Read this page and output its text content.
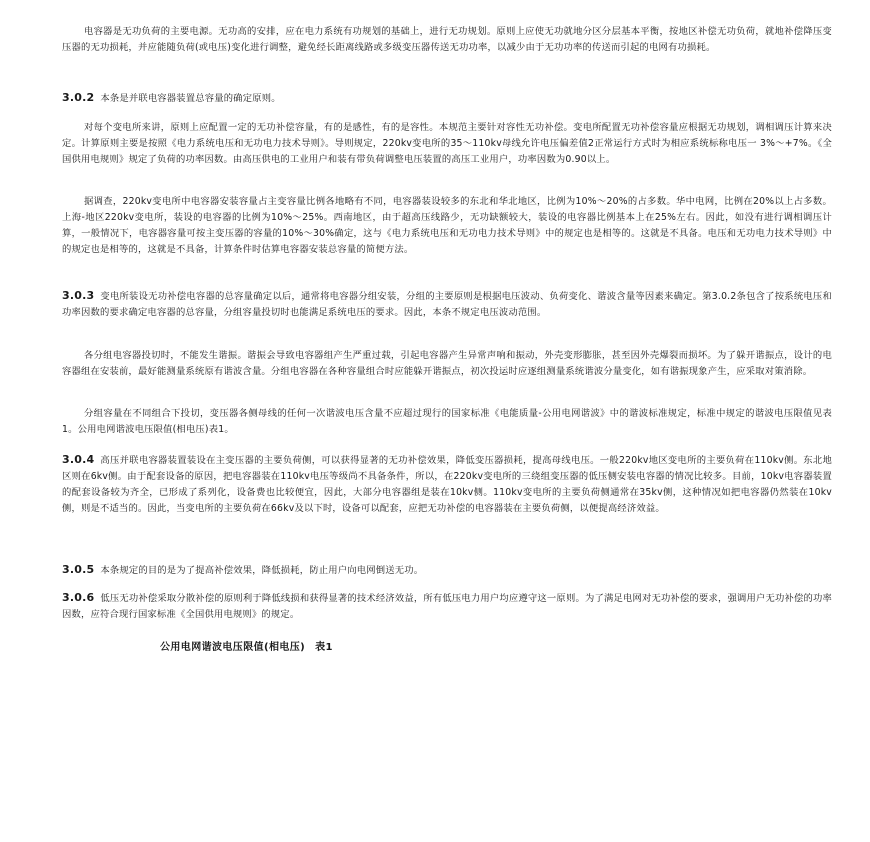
电容器是无功负荷的主要电源。无功高的安排，应在电力系统有功规划的基础上，进行无功规划。原则上应使无功就地分区分层基本平衡，按地区补偿无功负荷，就地补偿降压变压器的无功损耗，并应能随负荷(或电压)变化进行调整，避免经长距离线路或多级变压器传送无功功率，以减少由于无功功率的传送而引起的电网有功损耗。

3.0.2 本条是并联电容器装置总容量的确定原则。

对每个变电所来讲，原则上应配置一定的无功补偿容量，有的是感性，有的是容性。本规范主要针对容性无功补偿。变电所配置无功补偿容量应根据无功规划，调相调压计算来决定。计算原则主要是按照《电力系统电压和无功电力技术导则》。导则规定，220kv变电所的35～110kv母线允许电压偏差值2正常运行方式时为相应系统标称电压一 3%～+7%。《全国供用电规则》规定了负荷的功率因数。由高压供电的工业用户和装有带负荷调整电压装置的高压工业用户，功率因数为0.90以上。

据调查，220kv变电所中电容器安装容量占主变容量比例各地略有不同，电容器装设较多的东北和华北地区，比例为10%～20%的占多数。华中电网，比例在20%以上占多数。上海-地区220kv变电所，装设的电容器的比例为10%～25%。西南地区，由于超高压线路少，无功缺额较大，装设的电容器比例基本上在25%左右。因此，如没有进行调相调压计算，一般情况下，电容器容量可按主变压器的容量的10%～30%确定，这与《电力系统电压和无功电力技术导则》中的规定也是相等的。这就是不具备。电压和无功电力技术导则》中的规定也是相等的，这就是不具备，计算条件时估算电容器安装总容量的简便方法。

3.0.3 变电所装设无功补偿电容器的总容量确定以后，通常将电容器分组安装，分组的主要原则是根据电压波动、负荷变化、谐波含量等因素来确定。第3.0.2条包含了按系统电压和功率因数的要求确定电容器的总容量，分组容量投切时也能满足系统电压的要求。因此，本条不规定电压波动范围。

各分组电容器投切时，不能发生谐振。谐振会导致电容器组产生严重过载，引起电容器产生异常声响和振动，外壳变形膨胀，甚至因外壳爆裂而损坏。为了躲开谐振点，设计的电容器组在安装前，最好能测量系统原有谐波含量。分组电容器在各种容量组合时应能躲开谐振点，初次投运时应逐组测量系统谐波分量变化，如有谐振现象产生，应采取对策消除。

分组容量在不同组合下投切，变压器各侧母线的任何一次谐波电压含量不应超过现行的国家标准《电能质量-公用电网谐波》中的谐波标准规定，标准中规定的谐波电压限值见表1。公用电网谐波电压限值(相电压)表1。

3.0.4 高压并联电容器装置装设在主变压器的主要负荷侧，可以获得显著的无功补偿效果，降低变压器损耗，提高母线电压。一般220kv地区变电所的主要负荷在110kv侧。东北地区则在6kv侧。由于配套设备的原因，把电容器装在110kv电压等级尚不具备条件，所以，在220kv变电所的三绕组变压器的低压侧安装电容器的情况比较多。目前，10kv电容器装置的配套设备较为齐全，已形成了系列化，设备费也比较便宜，因此，大部分电容器组是装在10kv侧。110kv变电所的主要负荷侧通常在35kv侧，这种情况如把电容器仍然装在10kv侧，则是不适当的。因此，当变电所的主要负荷在66kv及以下时，设备可以配套，应把无功补偿的电容器装在主要负荷侧，以便提高经济效益。

3.0.5 本条规定的目的是为了提高补偿效果，降低损耗，防止用户向电网倒送无功。

3.0.6 低压无功补偿采取分散补偿的原则利于降低线损和获得显著的技术经济效益，所有低压电力用户均应遵守这一原则。为了满足电网对无功补偿的要求，强调用户无功补偿的功率因数，应符合现行国家标准《全国供用电规则》的规定。

公用电网谐波电压限值(相电压) 表1
